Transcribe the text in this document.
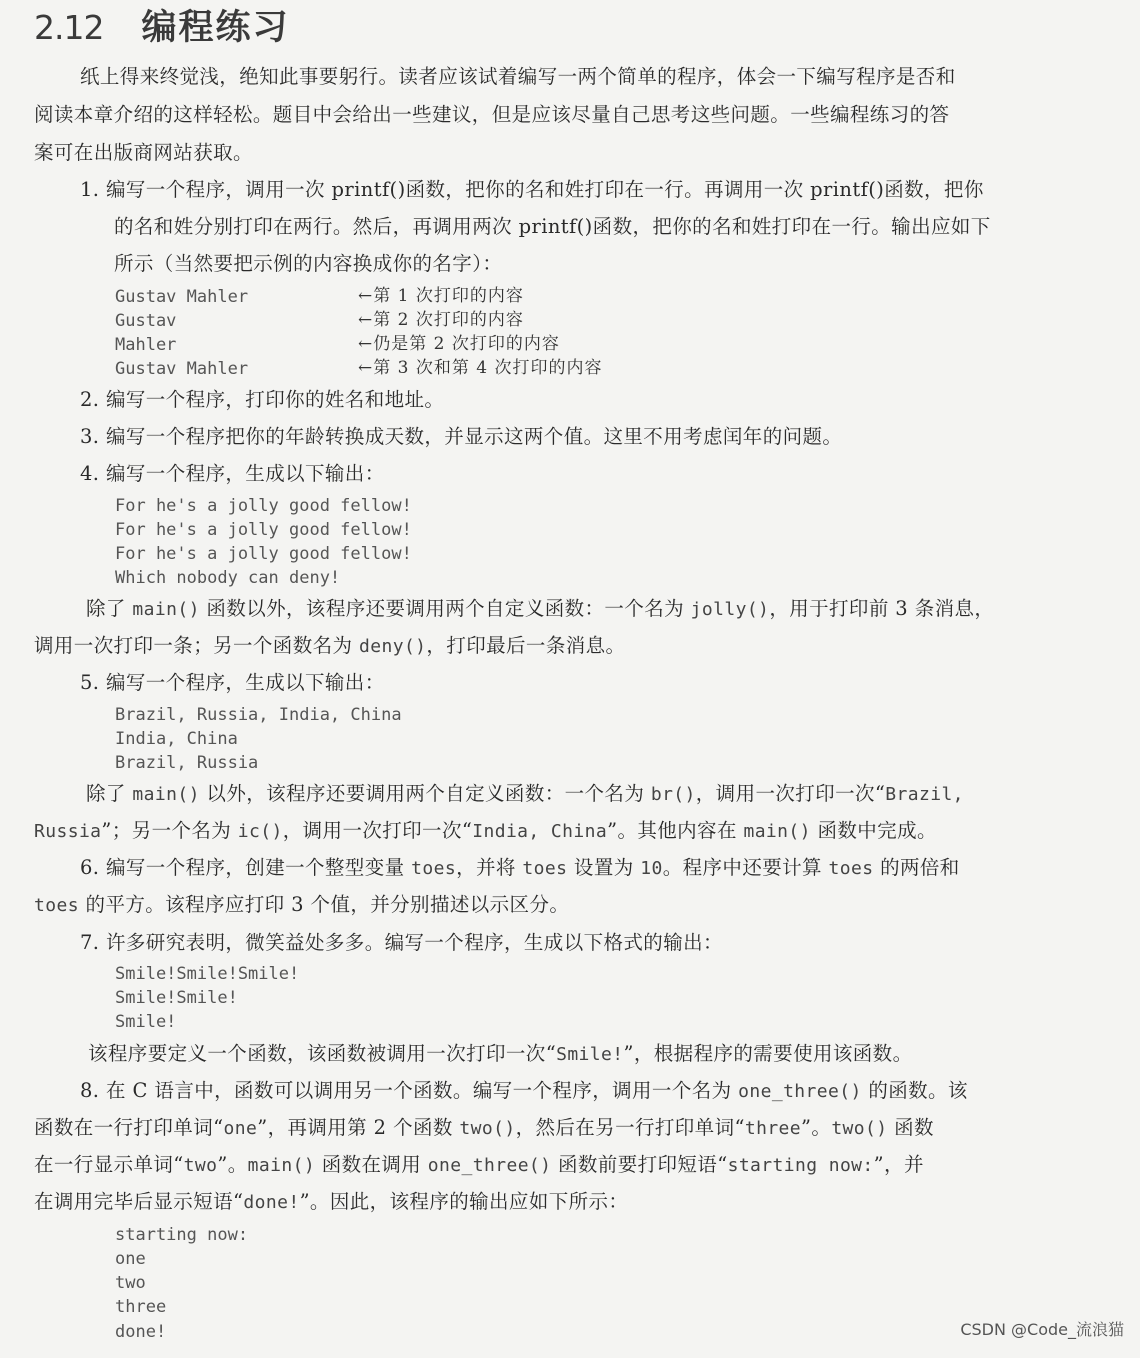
2.12 编程练习
纸上得来终觉浅，绝知此事要躬行。读者应该试着编写一两个简单的程序，体会一下编写程序是否和
阅读本章介绍的这样轻松。题目中会给出一些建议，但是应该尽量自己思考这些问题。一些编程练习的答
案可在出版商网站获取。
1. 编写一个程序，调用一次 printf()函数，把你的名和姓打印在一行。再调用一次 printf()函数，把你
的名和姓分别打印在两行。然后，再调用两次 printf()函数，把你的名和姓打印在一行。输出应如下
所示（当然要把示例的内容换成你的名字）：
Gustav Mahler
Gustav
Mahler
Gustav Mahler
←第 1 次打印的内容
←第 2 次打印的内容
←仍是第 2 次打印的内容
←第 3 次和第 4 次打印的内容
2. 编写一个程序，打印你的姓名和地址。
3. 编写一个程序把你的年龄转换成天数，并显示这两个值。这里不用考虑闰年的问题。
4. 编写一个程序，生成以下输出：
For he's a jolly good fellow!
For he's a jolly good fellow!
For he's a jolly good fellow!
Which nobody can deny!
除了 main() 函数以外，该程序还要调用两个自定义函数：一个名为 jolly()，用于打印前 3 条消息，
调用一次打印一条；另一个函数名为 deny()，打印最后一条消息。
5. 编写一个程序，生成以下输出：
Brazil, Russia, India, China
India, China
Brazil, Russia
除了 main() 以外，该程序还要调用两个自定义函数：一个名为 br()，调用一次打印一次“Brazil,
Russia”；另一个名为 ic()，调用一次打印一次“India, China”。其他内容在 main() 函数中完成。
6. 编写一个程序，创建一个整型变量 toes，并将 toes 设置为 10。程序中还要计算 toes 的两倍和
toes 的平方。该程序应打印 3 个值，并分别描述以示区分。
7. 许多研究表明，微笑益处多多。编写一个程序，生成以下格式的输出：
Smile!Smile!Smile!
Smile!Smile!
Smile!
该程序要定义一个函数，该函数被调用一次打印一次“Smile!”，根据程序的需要使用该函数。
8. 在 C 语言中，函数可以调用另一个函数。编写一个程序，调用一个名为 one_three() 的函数。该
函数在一行打印单词“one”，再调用第 2 个函数 two()，然后在另一行打印单词“three”。two() 函数
在一行显示单词“two”。main() 函数在调用 one_three() 函数前要打印短语“starting now:”，并
在调用完毕后显示短语“done!”。因此，该程序的输出应如下所示：
starting now:
one
two
three
done!	CSDN @Code_流浪猫
